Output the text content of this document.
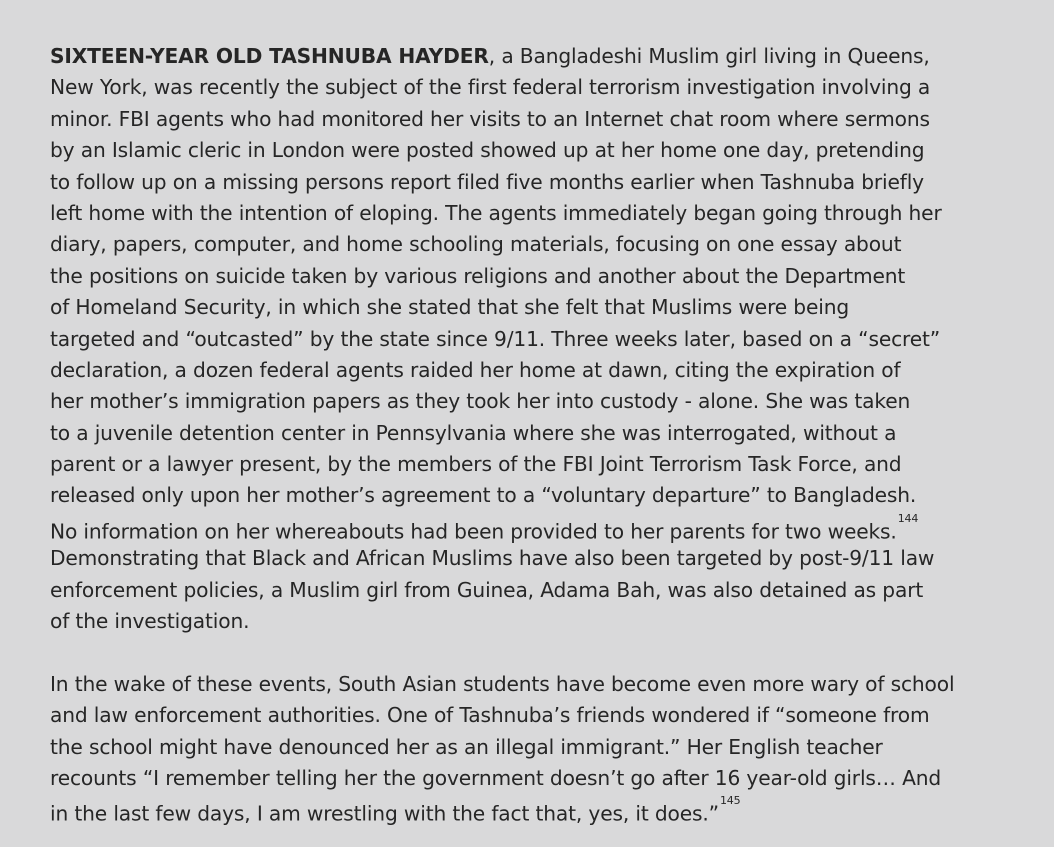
SIXTEEN-YEAR OLD TASHNUBA HAYDER, a Bangladeshi Muslim girl living in Queens,
New York, was recently the subject of the first federal terrorism investigation involving a
minor. FBI agents who had monitored her visits to an Internet chat room where sermons
by an Islamic cleric in London were posted showed up at her home one day, pretending
to follow up on a missing persons report filed five months earlier when Tashnuba briefly
left home with the intention of eloping. The agents immediately began going through her
diary, papers, computer, and home schooling materials, focusing on one essay about
the positions on suicide taken by various religions and another about the Department
of Homeland Security, in which she stated that she felt that Muslims were being
targeted and “outcasted” by the state since 9/11. Three weeks later, based on a “secret”
declaration, a dozen federal agents raided her home at dawn, citing the expiration of
her mother’s immigration papers as they took her into custody - alone. She was taken
to a juvenile detention center in Pennsylvania where she was interrogated, without a
parent or a lawyer present, by the members of the FBI Joint Terrorism Task Force, and
released only upon her mother’s agreement to a “voluntary departure” to Bangladesh.
No information on her whereabouts had been provided to her parents for two weeks.$^{144}$
Demonstrating that Black and African Muslims have also been targeted by post-9/11 law
enforcement policies, a Muslim girl from Guinea, Adama Bah, was also detained as part
of the investigation.

In the wake of these events, South Asian students have become even more wary of school
and law enforcement authorities. One of Tashnuba’s friends wondered if “someone from
the school might have denounced her as an illegal immigrant.” Her English teacher
recounts “I remember telling her the government doesn’t go after 16 year-old girls… And
in the last few days, I am wrestling with the fact that, yes, it does.”$^{145}$
